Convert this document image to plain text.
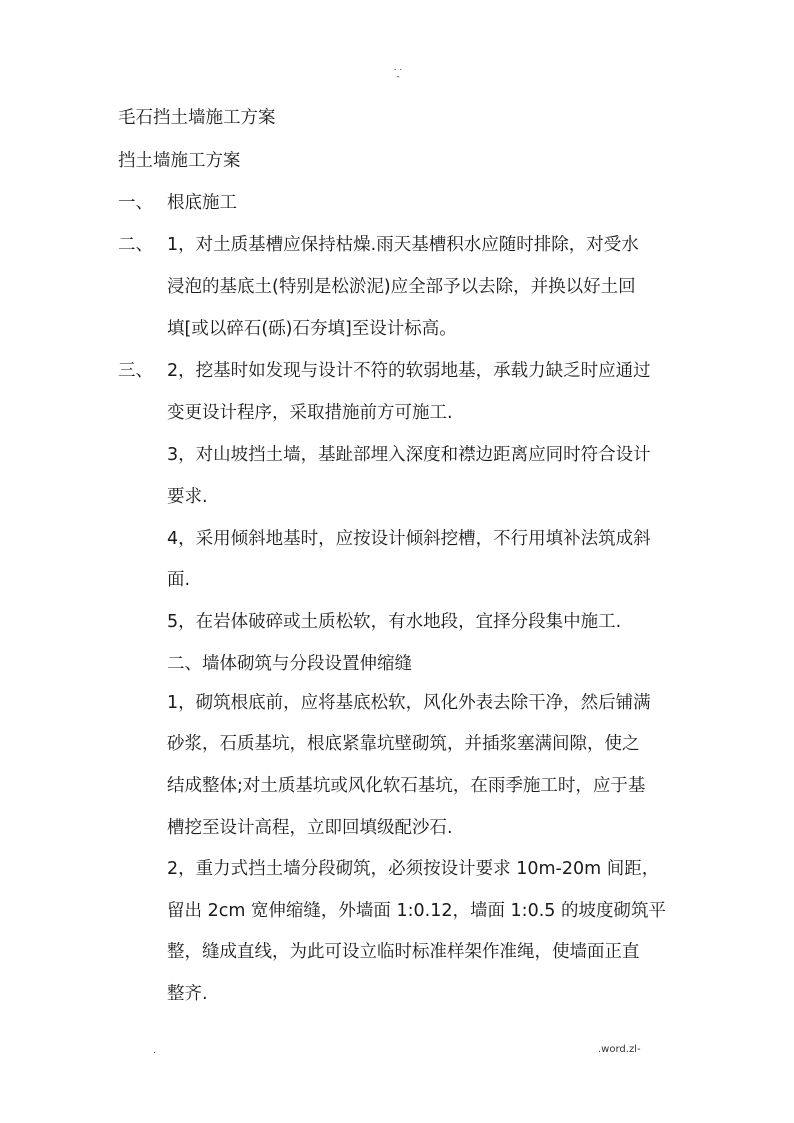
. .
-
毛石挡土墙施工方案
挡土墙施工方案
一、 根底施工
二、 1，对土质基槽应保持枯燥.雨天基槽积水应随时排除，对受水
浸泡的基底土(特别是松淤泥)应全部予以去除，并换以好土回
填[或以碎石(砾)石夯填]至设计标高。
三、 2，挖基时如发现与设计不符的软弱地基，承载力缺乏时应通过
变更设计程序，采取措施前方可施工.
3，对山坡挡土墙，基趾部埋入深度和襟边距离应同时符合设计
要求.
4，采用倾斜地基时，应按设计倾斜挖槽，不行用填补法筑成斜
面.
5，在岩体破碎或土质松软，有水地段，宜择分段集中施工.
二、墙体砌筑与分段设置伸缩缝
1，砌筑根底前，应将基底松软，风化外表去除干净，然后铺满
砂浆，石质基坑，根底紧靠坑壁砌筑，并插浆塞满间隙，使之
结成整体;对土质基坑或风化软石基坑，在雨季施工时，应于基
槽挖至设计高程，立即回填级配沙石.
2，重力式挡土墙分段砌筑，必须按设计要求 10m-20m 间距，
留出 2cm 宽伸缩缝，外墙面 1:0.12，墙面 1:0.5 的坡度砌筑平
整，缝成直线，为此可设立临时标准样架作准绳，使墙面正直
整齐.
.	.word.zl-
